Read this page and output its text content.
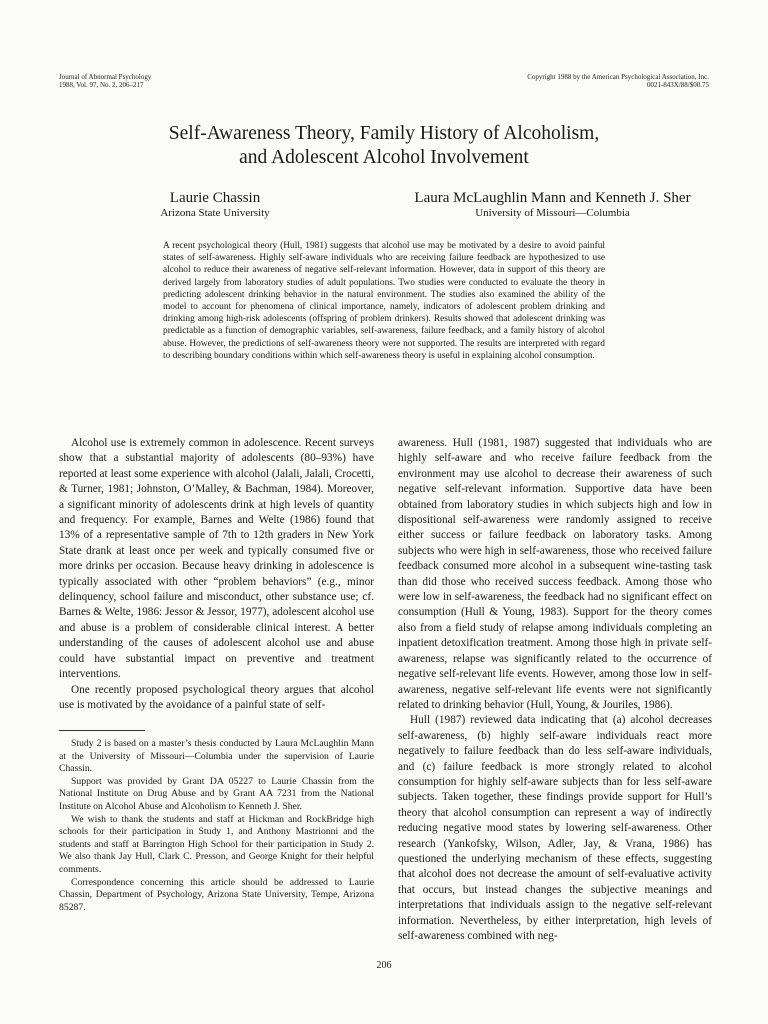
Journal of Abnormal Psychology
1988, Vol. 97, No. 2, 206–217
Copyright 1988 by the American Psychological Association, Inc.
0021-843X/88/$00.75
Self-Awareness Theory, Family History of Alcoholism,
and Adolescent Alcohol Involvement
Laurie Chassin
Arizona State University
Laura McLaughlin Mann and Kenneth J. Sher
University of Missouri—Columbia
A recent psychological theory (Hull, 1981) suggests that alcohol use may be motivated by a desire to avoid painful states of self-awareness. Highly self-aware individuals who are receiving failure feedback are hypothesized to use alcohol to reduce their awareness of negative self-relevant information. However, data in support of this theory are derived largely from laboratory studies of adult populations. Two studies were conducted to evaluate the theory in predicting adolescent drinking behavior in the natural environment. The studies also examined the ability of the model to account for phenomena of clinical importance, namely, indicators of adolescent problem drinking and drinking among high-risk adolescents (offspring of problem drinkers). Results showed that adolescent drinking was predictable as a function of demographic variables, self-awareness, failure feedback, and a family history of alcohol abuse. However, the predictions of self-awareness theory were not supported. The results are interpreted with regard to describing boundary conditions within which self-awareness theory is useful in explaining alcohol consumption.

Alcohol use is extremely common in adolescence. Recent surveys show that a substantial majority of adolescents (80–93%) have reported at least some experience with alcohol (Jalali, Jalali, Crocetti, & Turner, 1981; Johnston, O’Malley, & Bachman, 1984). Moreover, a significant minority of adolescents drink at high levels of quantity and frequency. For example, Barnes and Welte (1986) found that 13% of a representative sample of 7th to 12th graders in New York State drank at least once per week and typically consumed five or more drinks per occasion. Because heavy drinking in adolescence is typically associated with other “problem behaviors” (e.g., minor delinquency, school failure and misconduct, other substance use; cf. Barnes & Welte, 1986: Jessor & Jessor, 1977), adolescent alcohol use and abuse is a problem of considerable clinical interest. A better understanding of the causes of adolescent alcohol use and abuse could have substantial impact on preventive and treatment interventions.

One recently proposed psychological theory argues that alcohol use is motivated by the avoidance of a painful state of self-

Study 2 is based on a master’s thesis conducted by Laura McLaughlin Mann at the University of Missouri—Columbia under the supervision of Laurie Chassin.

Support was provided by Grant DA 05227 to Laurie Chassin from the National Institute on Drug Abuse and by Grant AA 7231 from the National Institute on Alcohol Abuse and Alcoholism to Kenneth J. Sher.

We wish to thank the students and staff at Hickman and RockBridge high schools for their participation in Study 1, and Anthony Mastrionni and the students and staff at Barrington High School for their participation in Study 2. We also thank Jay Hull, Clark C. Presson, and George Knight for their helpful comments.

Correspondence concerning this article should be addressed to Laurie Chassin, Department of Psychology, Arizona State University, Tempe, Arizona 85287.

awareness. Hull (1981, 1987) suggested that individuals who are highly self-aware and who receive failure feedback from the environment may use alcohol to decrease their awareness of such negative self-relevant information. Supportive data have been obtained from laboratory studies in which subjects high and low in dispositional self-awareness were randomly assigned to receive either success or failure feedback on laboratory tasks. Among subjects who were high in self-awareness, those who received failure feedback consumed more alcohol in a subsequent wine-tasting task than did those who received success feedback. Among those who were low in self-awareness, the feedback had no significant effect on consumption (Hull & Young, 1983). Support for the theory comes also from a field study of relapse among individuals completing an inpatient detoxification treatment. Among those high in private self-awareness, relapse was significantly related to the occurrence of negative self-relevant life events. However, among those low in self-awareness, negative self-relevant life events were not significantly related to drinking behavior (Hull, Young, & Jouriles, 1986).

Hull (1987) reviewed data indicating that (a) alcohol decreases self-awareness, (b) highly self-aware individuals react more negatively to failure feedback than do less self-aware individuals, and (c) failure feedback is more strongly related to alcohol consumption for highly self-aware subjects than for less self-aware subjects. Taken together, these findings provide support for Hull’s theory that alcohol consumption can represent a way of indirectly reducing negative mood states by lowering self-awareness. Other research (Yankofsky, Wilson, Adler, Jay, & Vrana, 1986) has questioned the underlying mechanism of these effects, suggesting that alcohol does not decrease the amount of self-evaluative activity that occurs, but instead changes the subjective meanings and interpretations that individuals assign to the negative self-relevant information. Nevertheless, by either interpretation, high levels of self-awareness combined with neg-

206
